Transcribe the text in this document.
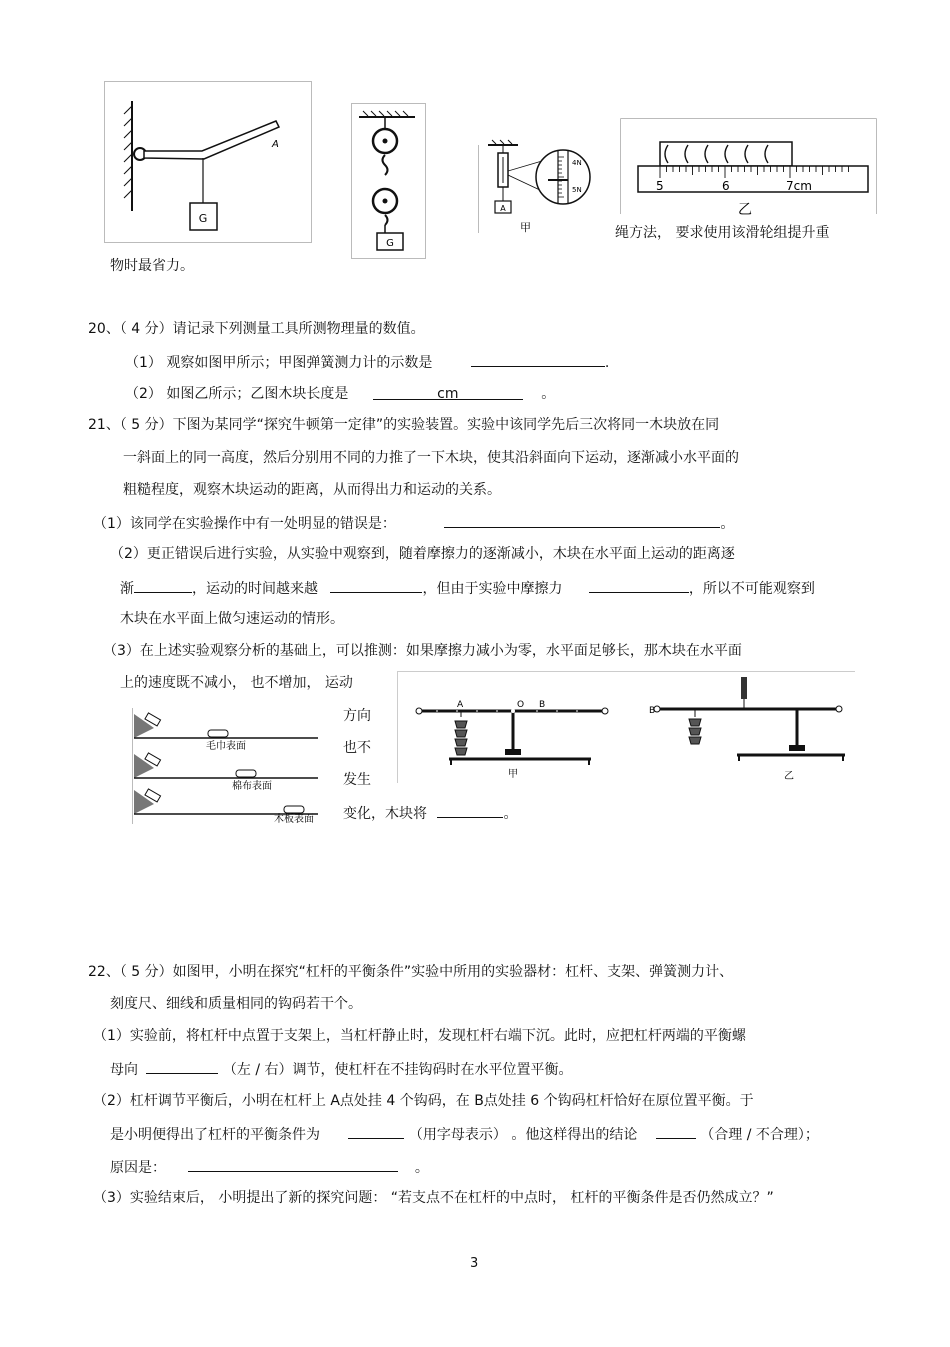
G
A
G
A
4N
5N
甲
5	6	7cm
乙
绳方法， 要求使用该滑轮组提升重
物时最省力。
20、（ 4 分）请记录下列测量工具所测物理量的数值。
（1） 观察如图甲所示；甲图弹簧测力计的示数是	.
（2） 如图乙所示；乙图木块长度是	cm	。
21、（ 5 分）下图为某同学“探究牛顿第一定律”的实验装置。实验中该同学先后三次将同一木块放在同
一斜面上的同一高度，然后分别用不同的力推了一下木块，使其沿斜面向下运动，逐渐减小水平面的
粗糙程度，观察木块运动的距离，从而得出力和运动的关系。
（1）该同学在实验操作中有一处明显的错误是：	。
（2）更正错误后进行实验，从实验中观察到，随着摩擦力的逐渐减小，木块在水平面上运动的距离逐
渐	，运动的时间越来越	，但由于实验中摩擦力	，所以不可能观察到
木块在水平面上做匀速运动的情形。
（3）在上述实验观察分析的基础上，可以推测：如果摩擦力减小为零，水平面足够长，那木块在水平面
上的速度既不减小， 也不增加， 运动
方向
也不
发生
变化，木块将	。
毛巾表面
棉布表面
木板表面
A	O B
甲
B
乙
22、（ 5 分）如图甲，小明在探究“杠杆的平衡条件”实验中所用的实验器材：杠杆、支架、弹簧测力计、
刻度尺、细线和质量相同的钩码若干个。
（1）实验前，将杠杆中点置于支架上，当杠杆静止时，发现杠杆右端下沉。此时，应把杠杆两端的平衡螺
母向	（左 / 右）调节，使杠杆在不挂钩码时在水平位置平衡。
（2）杠杆调节平衡后，小明在杠杆上 A点处挂 4 个钩码，在 B点处挂 6 个钩码杠杆恰好在原位置平衡。于
是小明便得出了杠杆的平衡条件为	（用字母表示） 。他这样得出的结论	（合理 / 不合理）；
原因是：	。
（3）实验结束后， 小明提出了新的探究问题： “若支点不在杠杆的中点时， 杠杆的平衡条件是否仍然成立？”
3
